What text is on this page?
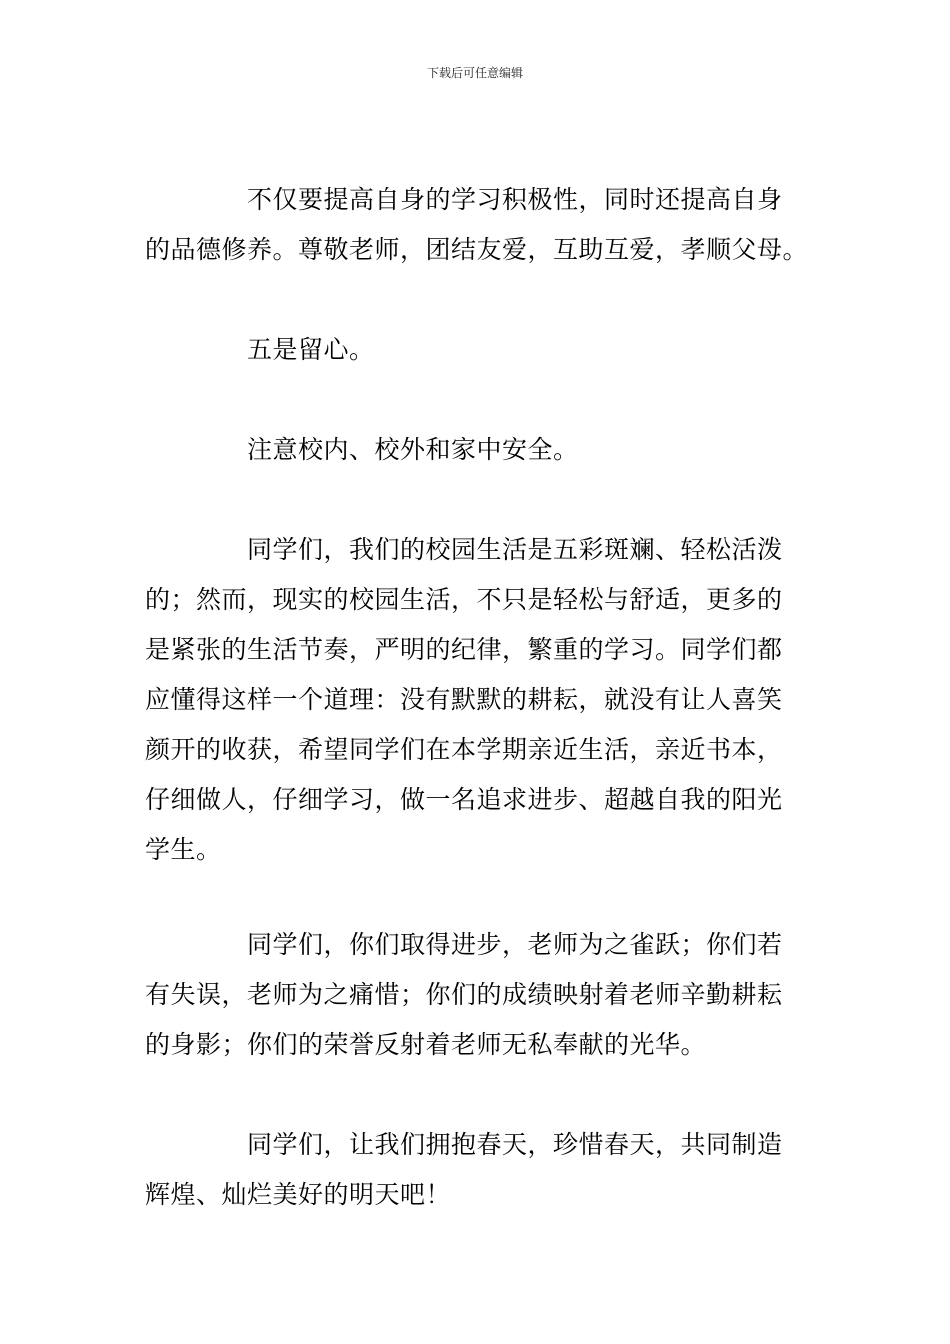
下载后可任意编辑
不仅要提高自身的学习积极性，同时还提高自身
的品德修养。尊敬老师，团结友爱，互助互爱，孝顺父母。
五是留心。
注意校内、校外和家中安全。
同学们，我们的校园生活是五彩斑斓、轻松活泼
的；然而，现实的校园生活，不只是轻松与舒适，更多的
是紧张的生活节奏，严明的纪律，繁重的学习。同学们都
应懂得这样一个道理：没有默默的耕耘，就没有让人喜笑
颜开的收获，希望同学们在本学期亲近生活，亲近书本，
仔细做人，仔细学习，做一名追求进步、超越自我的阳光
学生。
同学们，你们取得进步，老师为之雀跃；你们若
有失误，老师为之痛惜；你们的成绩映射着老师辛勤耕耘
的身影；你们的荣誉反射着老师无私奉献的光华。
同学们，让我们拥抱春天，珍惜春天，共同制造
辉煌、灿烂美好的明天吧！
